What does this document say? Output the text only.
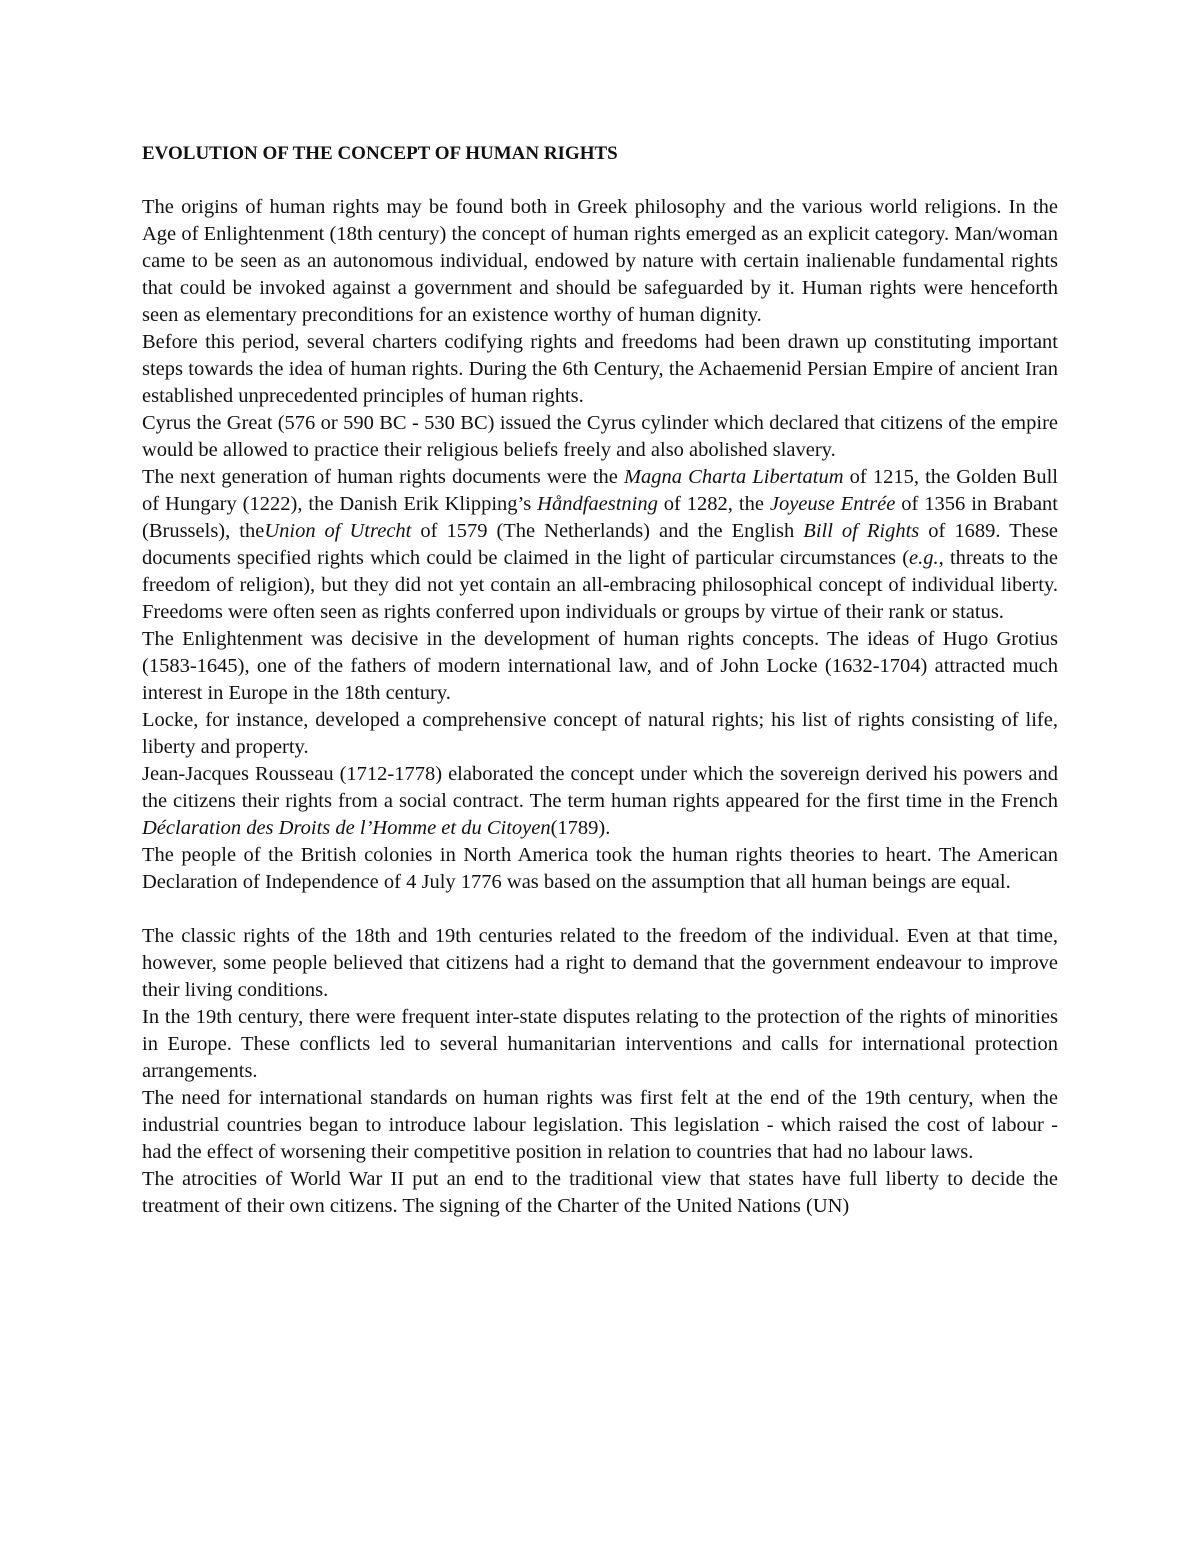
EVOLUTION OF THE CONCEPT OF HUMAN RIGHTS

The origins of human rights may be found both in Greek philosophy and the various world religions. In the Age of Enlightenment (18th century) the concept of human rights emerged as an explicit category. Man/woman came to be seen as an autonomous individual, endowed by nature with certain inalienable fundamental rights that could be invoked against a government and should be safeguarded by it. Human rights were henceforth seen as elementary preconditions for an existence worthy of human dignity.

Before this period, several charters codifying rights and freedoms had been drawn up constituting important steps towards the idea of human rights. During the 6th Century, the Achaemenid Persian Empire of ancient Iran established unprecedented principles of human rights.

Cyrus the Great (576 or 590 BC - 530 BC) issued the Cyrus cylinder which declared that citizens of the empire would be allowed to practice their religious beliefs freely and also abolished slavery.

The next generation of human rights documents were the Magna Charta Libertatum of 1215, the Golden Bull of Hungary (1222), the Danish Erik Klipping’s Håndfaestning of 1282, the Joyeuse Entrée of 1356 in Brabant (Brussels), theUnion of Utrecht of 1579 (The Netherlands) and the English Bill of Rights of 1689. These documents specified rights which could be claimed in the light of particular circumstances (e.g., threats to the freedom of religion), but they did not yet contain an all-embracing philosophical concept of individual liberty. Freedoms were often seen as rights conferred upon individuals or groups by virtue of their rank or status.

The Enlightenment was decisive in the development of human rights concepts. The ideas of Hugo Grotius (1583-1645), one of the fathers of modern international law, and of John Locke (1632-1704) attracted much interest in Europe in the 18th century.

Locke, for instance, developed a comprehensive concept of natural rights; his list of rights consisting of life, liberty and property.

Jean-Jacques Rousseau (1712-1778) elaborated the concept under which the sovereign derived his powers and the citizens their rights from a social contract. The term human rights appeared for the first time in the French Déclaration des Droits de l’Homme et du Citoyen(1789).

The people of the British colonies in North America took the human rights theories to heart. The American Declaration of Independence of 4 July 1776 was based on the assumption that all human beings are equal.

The classic rights of the 18th and 19th centuries related to the freedom of the individual. Even at that time, however, some people believed that citizens had a right to demand that the government endeavour to improve their living conditions.

In the 19th century, there were frequent inter-state disputes relating to the protection of the rights of minorities in Europe. These conflicts led to several humanitarian interventions and calls for international protection arrangements.

The need for international standards on human rights was first felt at the end of the 19th century, when the industrial countries began to introduce labour legislation. This legislation - which raised the cost of labour - had the effect of worsening their competitive position in relation to countries that had no labour laws.

The atrocities of World War II put an end to the traditional view that states have full liberty to decide the treatment of their own citizens. The signing of the Charter of the United Nations (UN)
